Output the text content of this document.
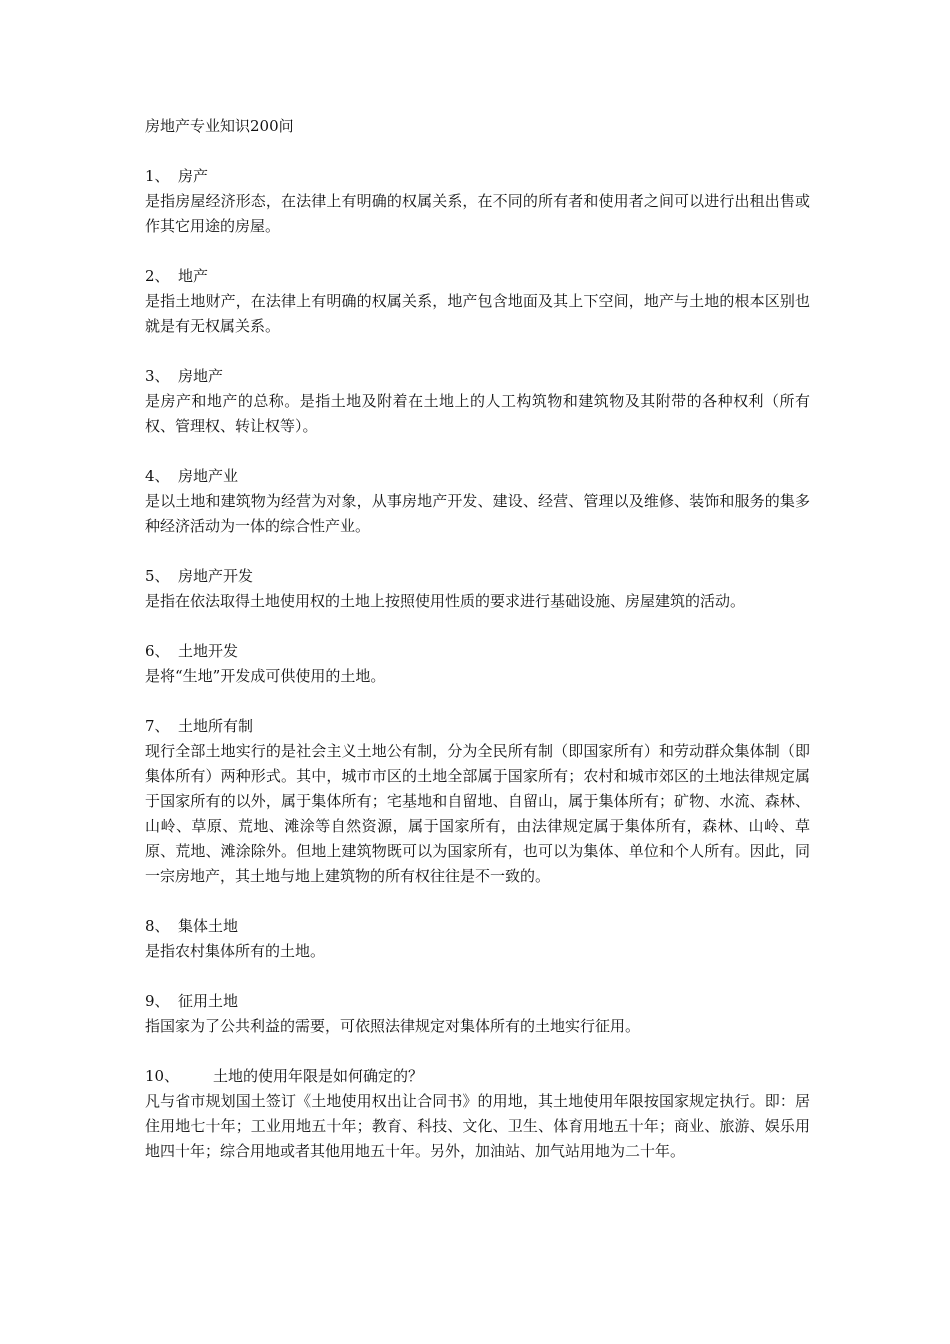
房地产专业知识200问
1、 房产
是指房屋经济形态，在法律上有明确的权属关系，在不同的所有者和使用者之间可以进行出租出售或作其它用途的房屋。
2、 地产
是指土地财产，在法律上有明确的权属关系，地产包含地面及其上下空间，地产与土地的根本区别也就是有无权属关系。
3、 房地产
是房产和地产的总称。是指土地及附着在土地上的人工构筑物和建筑物及其附带的各种权利（所有权、管理权、转让权等）。
4、 房地产业
是以土地和建筑物为经营为对象，从事房地产开发、建设、经营、管理以及维修、装饰和服务的集多种经济活动为一体的综合性产业。
5、 房地产开发
是指在依法取得土地使用权的土地上按照使用性质的要求进行基础设施、房屋建筑的活动。
6、 土地开发
是将“生地”开发成可供使用的土地。
7、 土地所有制
现行全部土地实行的是社会主义土地公有制，分为全民所有制（即国家所有）和劳动群众集体制（即集体所有）两种形式。其中，城市市区的土地全部属于国家所有；农村和城市郊区的土地法律规定属于国家所有的以外，属于集体所有；宅基地和自留地、自留山，属于集体所有；矿物、水流、森林、山岭、草原、荒地、滩涂等自然资源，属于国家所有，由法律规定属于集体所有，森林、山岭、草原、荒地、滩涂除外。但地上建筑物既可以为国家所有，也可以为集体、单位和个人所有。因此，同一宗房地产，其土地与地上建筑物的所有权往往是不一致的。
8、 集体土地
是指农村集体所有的土地。
9、 征用土地
指国家为了公共利益的需要，可依照法律规定对集体所有的土地实行征用。
10、 土地的使用年限是如何确定的？
凡与省市规划国土签订《土地使用权出让合同书》的用地，其土地使用年限按国家规定执行。即：居住用地七十年；工业用地五十年；教育、科技、文化、卫生、体育用地五十年；商业、旅游、娱乐用地四十年；综合用地或者其他用地五十年。另外，加油站、加气站用地为二十年。
